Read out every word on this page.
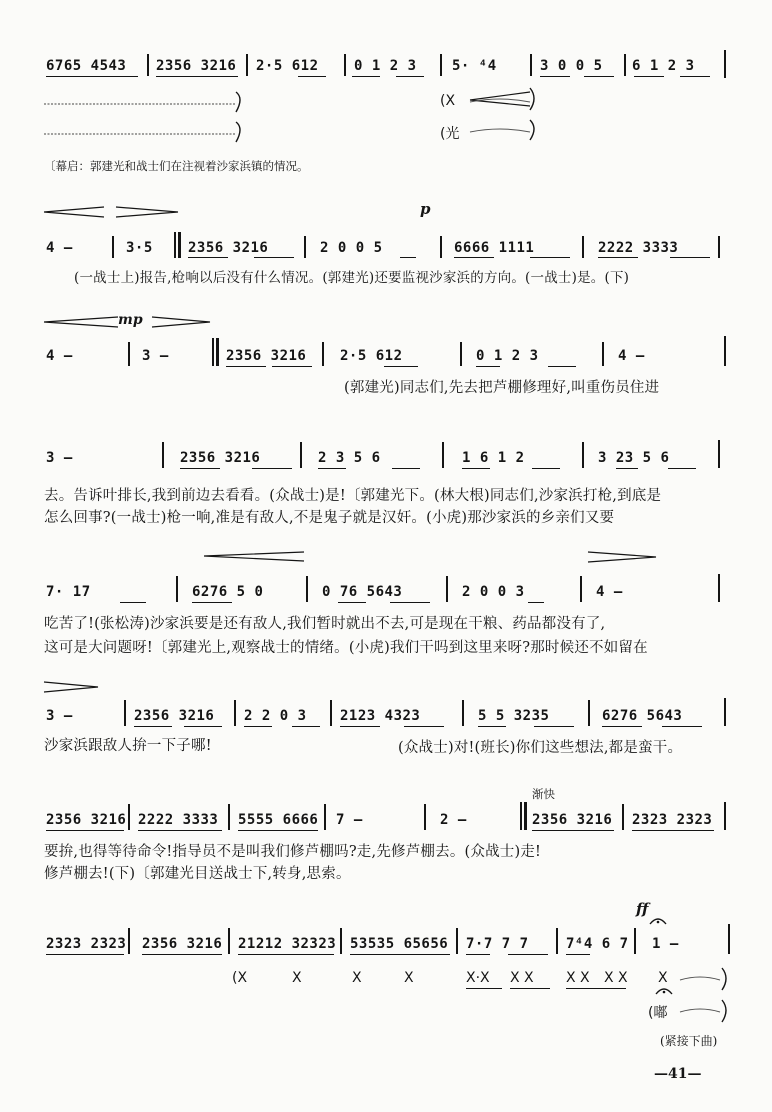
6765 4543 2356 3216 2·5 612	0 1 2 3	5· ⁴4	3 0 0 5 6 1 2 3
(X
(光
〔幕启：郭建光和战士们在注视着沙家浜镇的情况。
p
4 —	3·5	2356 3216	2 0 0 5	6666 1111	2222 3333
(一战士上)报告,枪响以后没有什么情况。(郭建光)还要监视沙家浜的方向。(一战士)是。(下)
mp
4 —	3 —	2356 3216 2·5 612	0 1 2 3	4 —
(郭建光)同志们,先去把芦棚修理好,叫重伤员住进
3 —	2356 3216	2 3 5 6	1 6 1 2	3 23 5 6
去。告诉叶排长,我到前边去看看。(众战士)是!〔郭建光下。(林大根)同志们,沙家浜打枪,到底是
怎么回事?(一战士)枪一响,准是有敌人,不是鬼子就是汉奸。(小虎)那沙家浜的乡亲们又要
7· 17	6276 5 0	0 76 5643	2 0 0 3	4 —
吃苦了!(张松涛)沙家浜要是还有敌人,我们暂时就出不去,可是现在干粮、药品都没有了,
这可是大问题呀!〔郭建光上,观察战士的情绪。(小虎)我们干吗到这里来呀?那时候还不如留在
3 —	2356 3216 2 2 0 3 2123 4323	5 5 3235	6276 5643
沙家浜跟敌人拚一下子哪!	(众战士)对!(班长)你们这些想法,都是蛮干。
渐快
2356 3216 2222 3333 5555 6666 7 —	2 —	2356 3216 2323 2323
要拚,也得等待命令!指导员不是叫我们修芦棚吗?走,先修芦棚去。(众战士)走!
修芦棚去!(下)〔郭建光目送战士下,转身,思索。
ff
2323 2323 2356 3216 21212 32323 53535 65656 7·7 7 7	7⁴4 6 7 1 —
(X	X	X	X	X·X X X X X X X X
(嘟
(紧接下曲)
—41—
